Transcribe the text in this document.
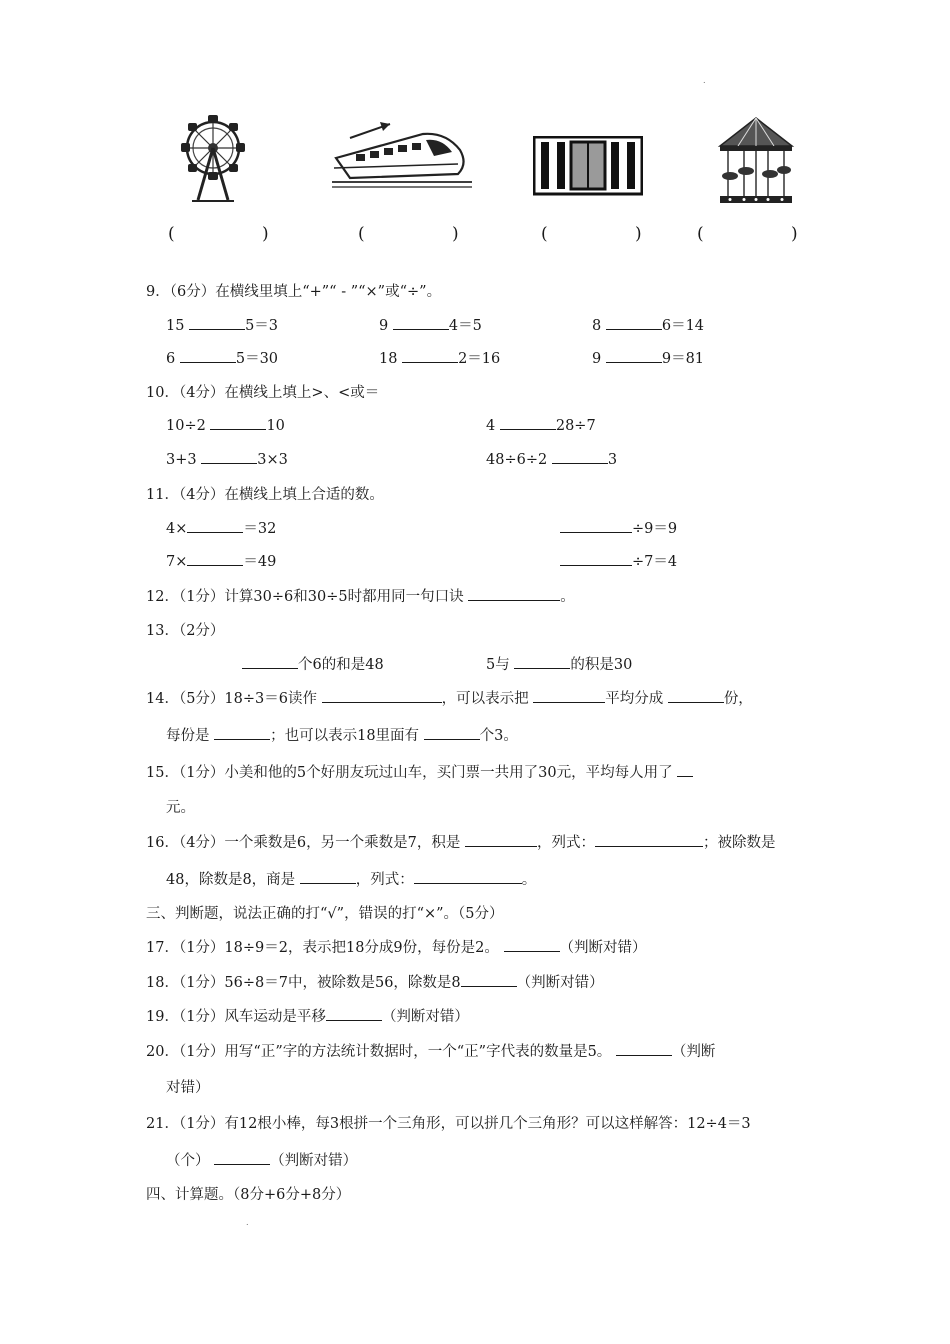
.
.
(	)	(	)	(	)	(	)
9．（6分）在横线里填上“+”“ - ”“×”或“÷”。
15	5＝3	9	4＝5	8	6＝14
6	5＝30	18	2＝16	9	9＝81
10．（4分）在横线上填上>、<或＝
10÷2	10	4	28÷7
3+3	3×3	48÷6÷2	3
11．（4分）在横线上填上合适的数。
4×	＝32	÷9＝9
7×	＝49	÷7＝4
12．（1分）计算30÷6和30÷5时都用同一句口诀	。
13．（2分）
个6的和是48	5与	的积是30
14．（5分）18÷3＝6读作	，可以表示把	平均分成	份，
每份是	；也可以表示18里面有	个3。
15．（1分）小美和他的5个好朋友玩过山车，买门票一共用了30元，平均每人用了
元。
16．（4分）一个乘数是6，另一个乘数是7，积是	，列式：	；被除数是
48，除数是8，商是	，列式：	。
三、判断题，说法正确的打“√”，错误的打“×”。（5分）
17．（1分）18÷9＝2，表示把18分成9份，每份是2。	（判断对错）
18．（1分）56÷8＝7中，被除数是56，除数是8	（判断对错）
19．（1分）风车运动是平移	（判断对错）
20．（1分）用写“正”字的方法统计数据时，一个“正”字代表的数量是5。	（判断
对错）
21．（1分）有12根小棒，每3根拼一个三角形，可以拼几个三角形？可以这样解答：12÷4＝3
（个）	（判断对错）
四、计算题。（8分+6分+8分）
